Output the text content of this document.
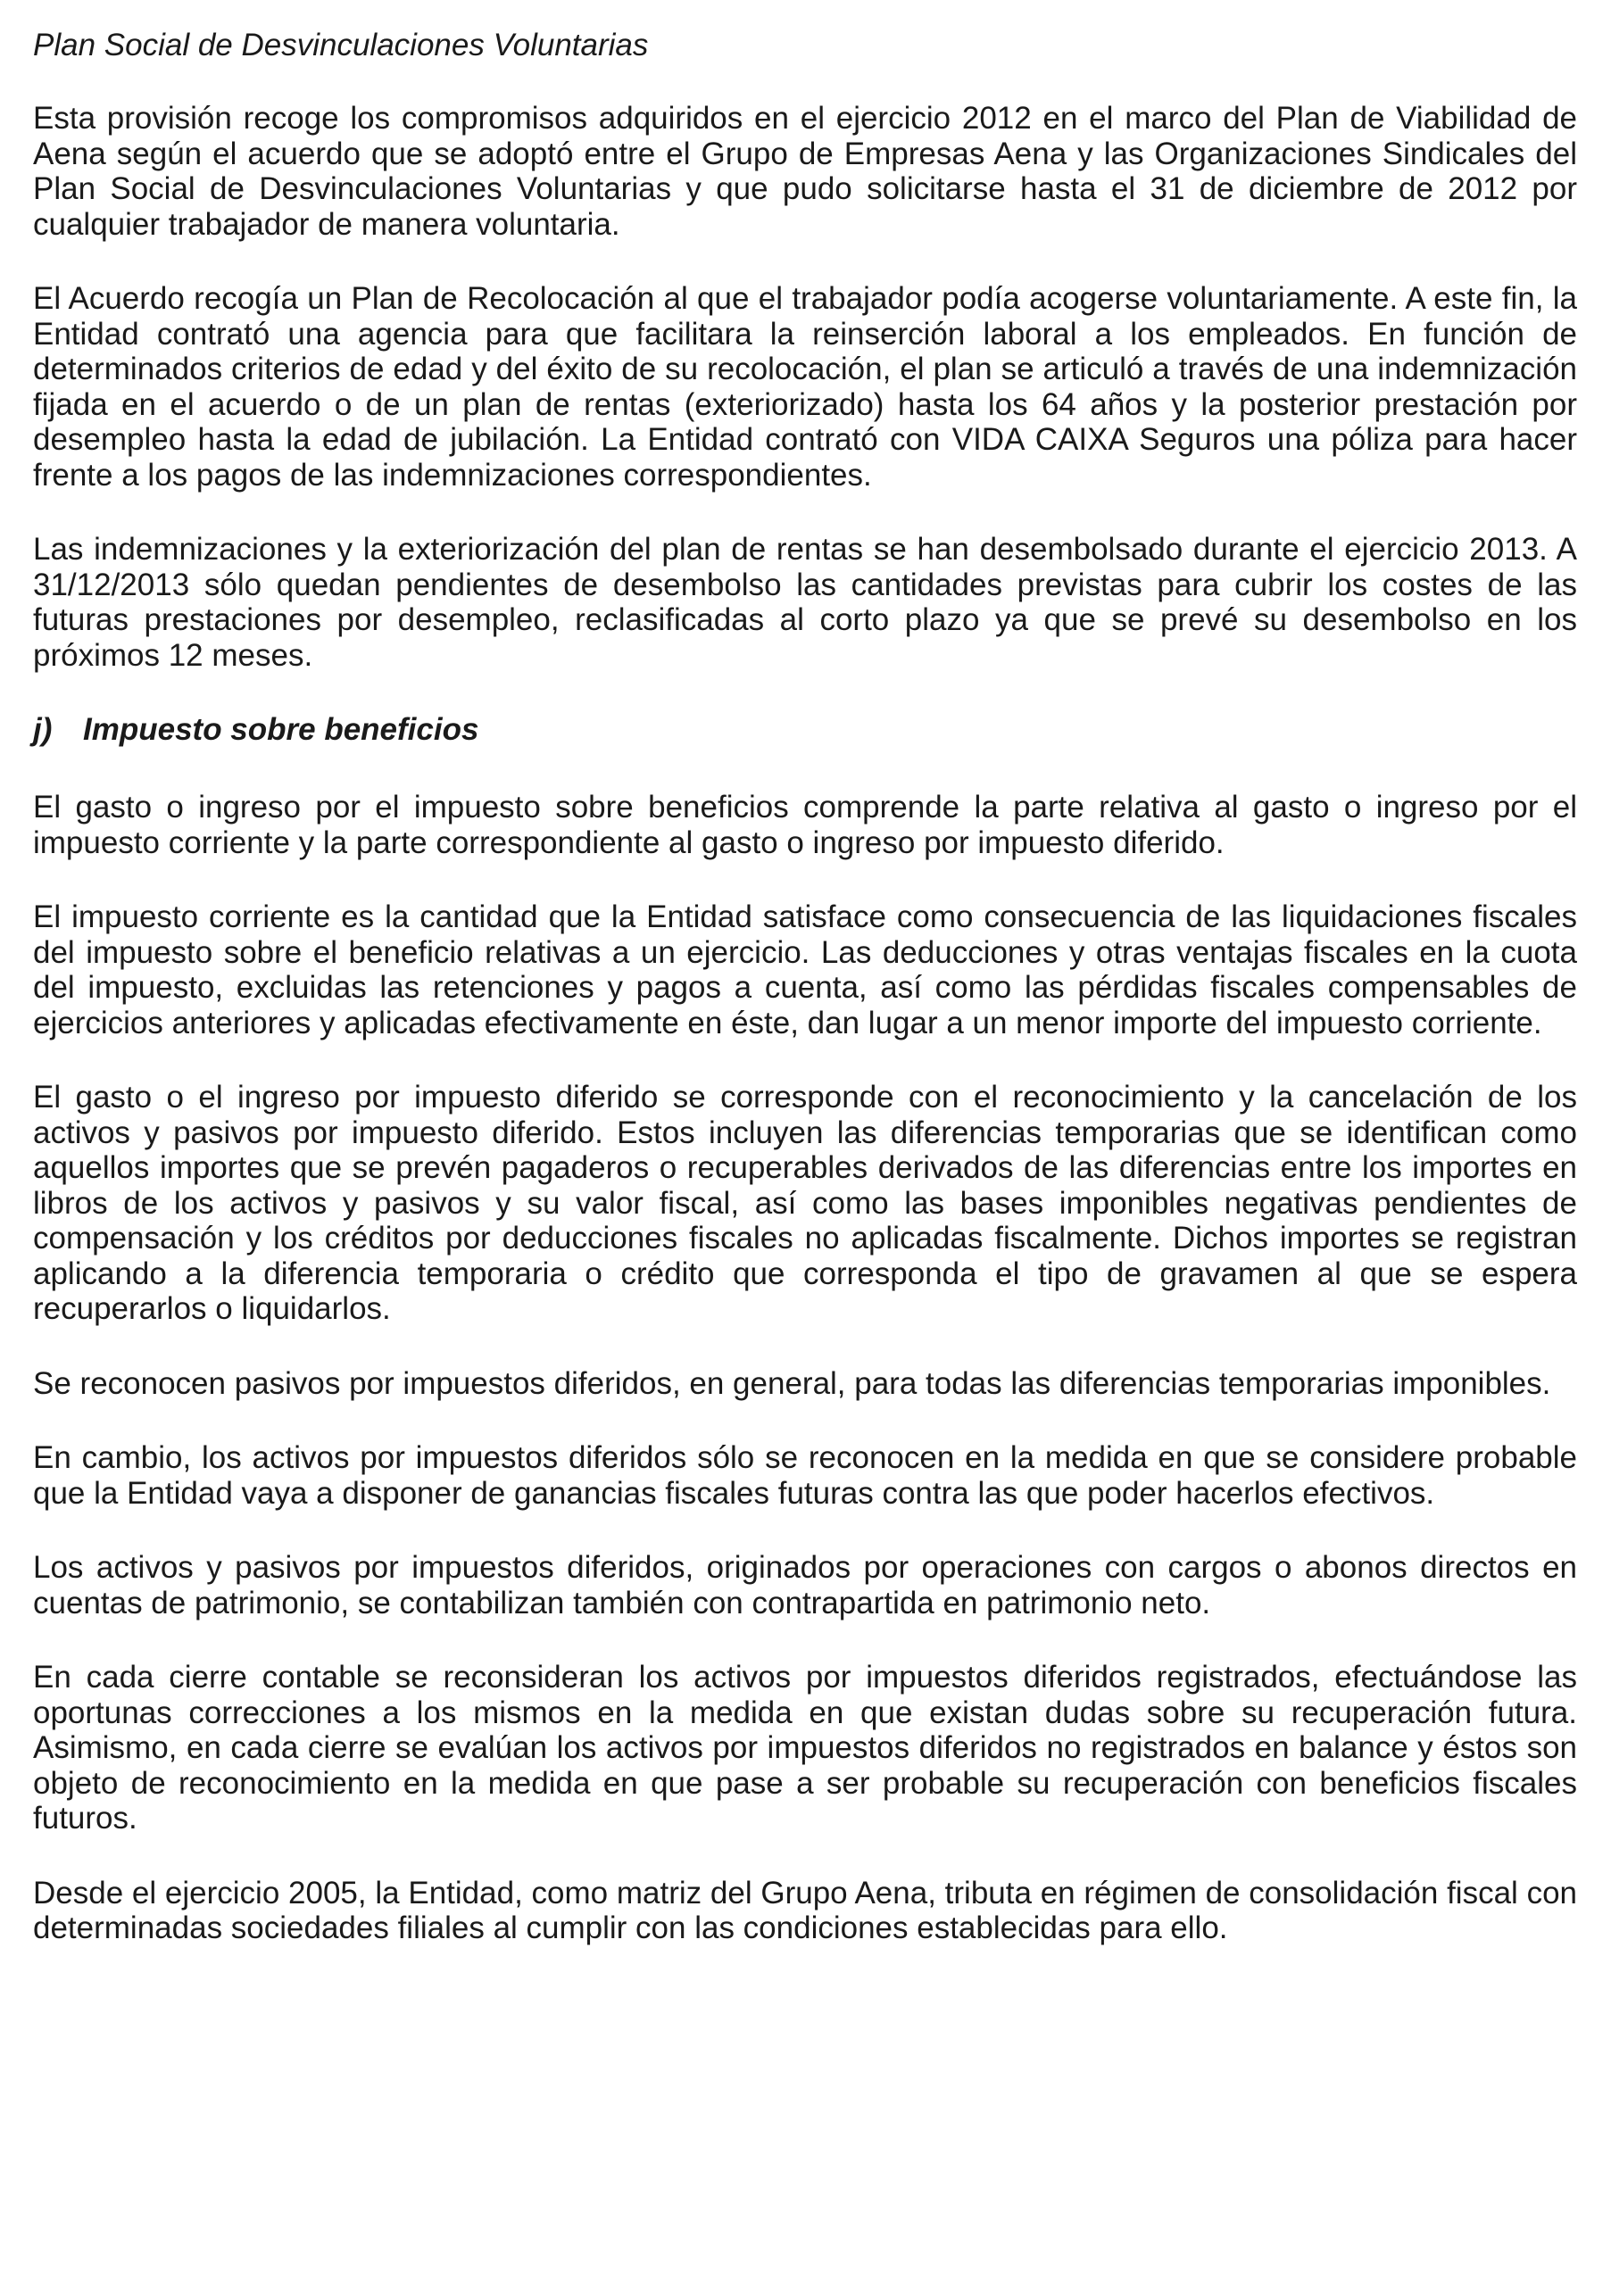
Plan Social de Desvinculaciones Voluntarias

Esta provisión recoge los compromisos adquiridos en el ejercicio 2012 en el marco del Plan de Viabilidad de Aena según el acuerdo que se adoptó entre el Grupo de Empresas Aena y las Organizaciones Sindicales del Plan Social de Desvinculaciones Voluntarias y que pudo solicitarse hasta el 31 de diciembre de 2012 por cualquier trabajador de manera voluntaria.

El Acuerdo recogía un Plan de Recolocación al que el trabajador podía acogerse voluntariamente. A este fin, la Entidad contrató una agencia para que facilitara la reinserción laboral a los empleados. En función de determinados criterios de edad y del éxito de su recolocación, el plan se articuló a través de una indemnización fijada en el acuerdo o de un plan de rentas (exteriorizado) hasta los 64 años y la posterior prestación por desempleo hasta la edad de jubilación. La Entidad contrató con VIDA CAIXA Seguros una póliza para hacer frente a los pagos de las indemnizaciones correspondientes.

Las indemnizaciones y la exteriorización del plan de rentas se han desembolsado durante el ejercicio 2013. A 31/12/2013 sólo quedan pendientes de desembolso las cantidades previstas para cubrir los costes de las futuras prestaciones por desempleo, reclasificadas al corto plazo ya que se prevé su desembolso en los próximos 12 meses.

j) Impuesto sobre beneficios

El gasto o ingreso por el impuesto sobre beneficios comprende la parte relativa al gasto o ingreso por el impuesto corriente y la parte correspondiente al gasto o ingreso por impuesto diferido.

El impuesto corriente es la cantidad que la Entidad satisface como consecuencia de las liquidaciones fiscales del impuesto sobre el beneficio relativas a un ejercicio. Las deducciones y otras ventajas fiscales en la cuota del impuesto, excluidas las retenciones y pagos a cuenta, así como las pérdidas fiscales compensables de ejercicios anteriores y aplicadas efectivamente en éste, dan lugar a un menor importe del impuesto corriente.

El gasto o el ingreso por impuesto diferido se corresponde con el reconocimiento y la cancelación de los activos y pasivos por impuesto diferido. Estos incluyen las diferencias temporarias que se identifican como aquellos importes que se prevén pagaderos o recuperables derivados de las diferencias entre los importes en libros de los activos y pasivos y su valor fiscal, así como las bases imponibles negativas pendientes de compensación y los créditos por deducciones fiscales no aplicadas fiscalmente. Dichos importes se registran aplicando a la diferencia temporaria o crédito que corresponda el tipo de gravamen al que se espera recuperarlos o liquidarlos.

Se reconocen pasivos por impuestos diferidos, en general, para todas las diferencias temporarias imponibles.

En cambio, los activos por impuestos diferidos sólo se reconocen en la medida en que se considere probable que la Entidad vaya a disponer de ganancias fiscales futuras contra las que poder hacerlos efectivos.

Los activos y pasivos por impuestos diferidos, originados por operaciones con cargos o abonos directos en cuentas de patrimonio, se contabilizan también con contrapartida en patrimonio neto.

En cada cierre contable se reconsideran los activos por impuestos diferidos registrados, efectuándose las oportunas correcciones a los mismos en la medida en que existan dudas sobre su recuperación futura. Asimismo, en cada cierre se evalúan los activos por impuestos diferidos no registrados en balance y éstos son objeto de reconocimiento en la medida en que pase a ser probable su recuperación con beneficios fiscales futuros.

Desde el ejercicio 2005, la Entidad, como matriz del Grupo Aena, tributa en régimen de consolidación fiscal con determinadas sociedades filiales al cumplir con las condiciones establecidas para ello.
